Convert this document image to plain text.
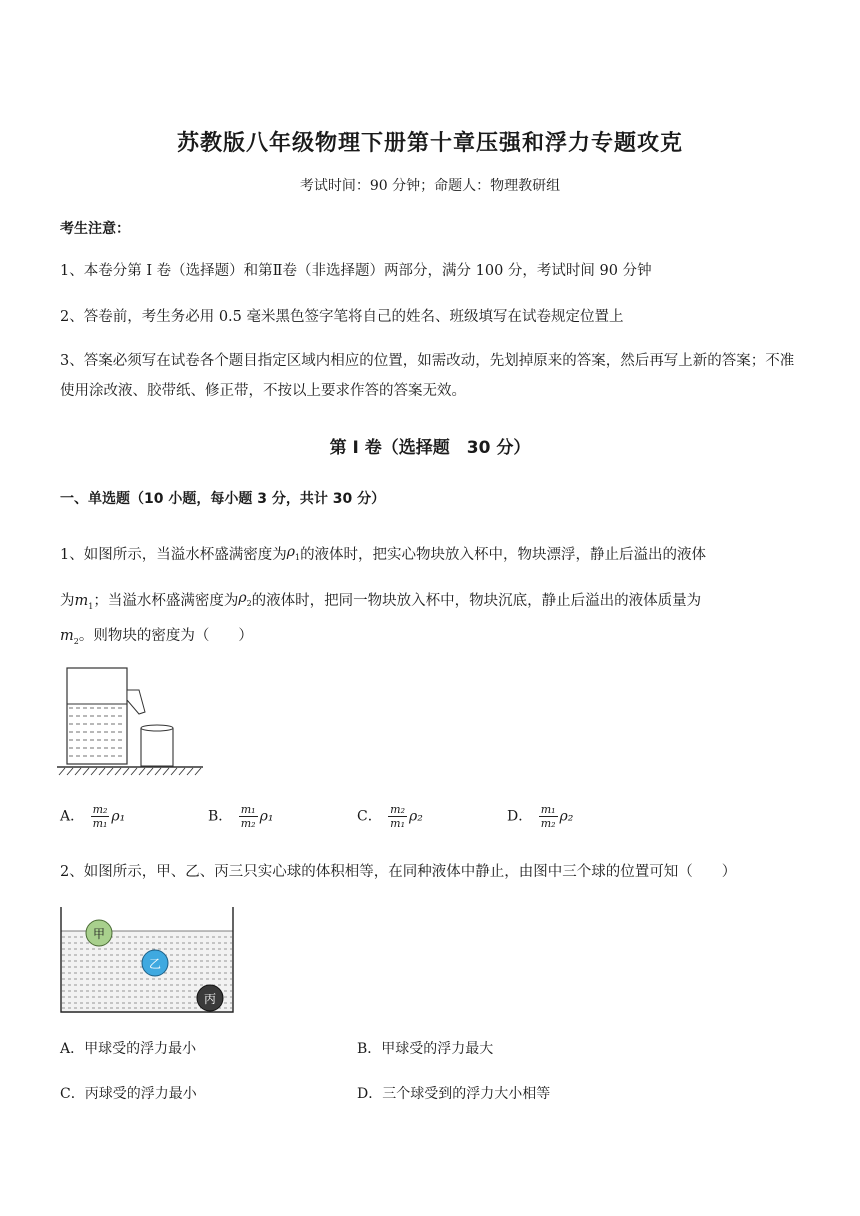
苏教版八年级物理下册第十章压强和浮力专题攻克
考试时间：90 分钟；命题人：物理教研组
考生注意：
1、本卷分第 I 卷（选择题）和第Ⅱ卷（非选择题）两部分，满分 100 分，考试时间 90 分钟
2、答卷前，考生务必用 0.5 毫米黑色签字笔将自己的姓名、班级填写在试卷规定位置上
3、答案必须写在试卷各个题目指定区域内相应的位置，如需改动，先划掉原来的答案，然后再写上新的答案；不准使用涂改液、胶带纸、修正带，不按以上要求作答的答案无效。
第 I 卷（选择题　30 分）
一、单选题（10 小题，每小题 3 分，共计 30 分）
1、如图所示，当溢水杯盛满密度为$\rho_1$的液体时，把实心物块放入杯中，物块漂浮，静止后溢出的液体
为$m_1$；当溢水杯盛满密度为$\rho_2$的液体时，把同一物块放入杯中，物块沉底，静止后溢出的液体质量为
$m_2$。则物块的密度为（　　）
A． $\frac{\text{m₂}}{\text{m₁}} \rho_1$	B． $\frac{\text{m₁}}{\text{m₂}} \rho_1$	C． $\frac{\text{m₂}}{\text{m₁}} \rho_2$	D． $\frac{\text{m₁}}{\text{m₂}} \rho_2$
2、如图所示，甲、乙、丙三只实心球的体积相等，在同种液体中静止，由图中三个球的位置可知（　　）
甲
乙
丙
A．甲球受的浮力最小	B．甲球受的浮力最大
C．丙球受的浮力最小	D．三个球受到的浮力大小相等
